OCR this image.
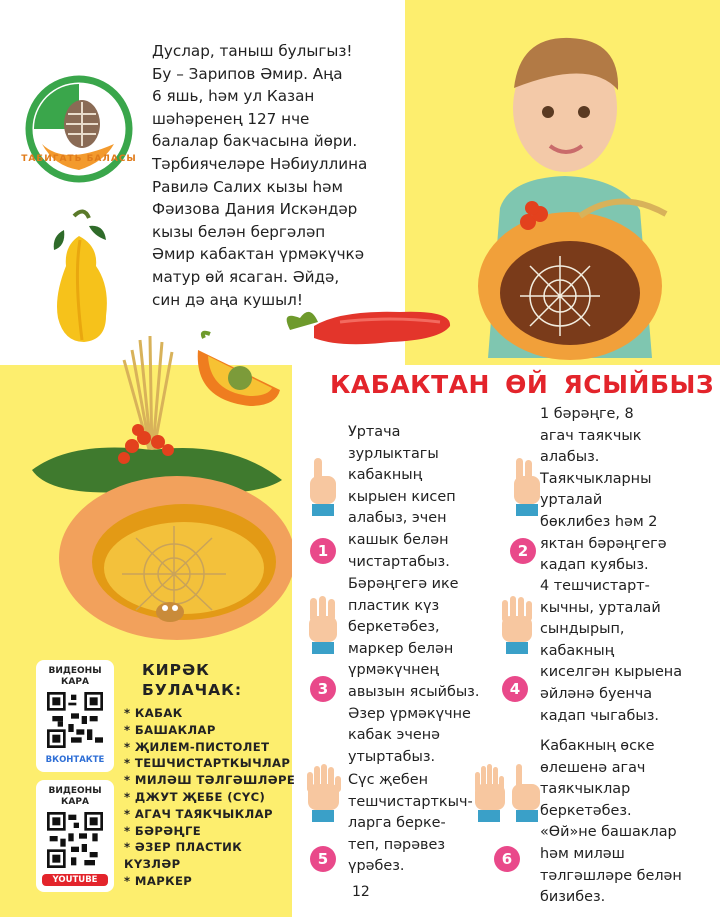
ТАБИГАТЬ БАЛАСЫ

Дуслар, таныш булыгыз!

Бу – Зарипов Әмир. Аңа

6 яшь, һәм ул Казан

шәһәренең 127 нче

балалар бакчасына йөри.

Тәрбиячеләре Нәбиуллина

Равилә Салих кызы һәм

Фәизова Дания Искәндәр

кызы белән бергәләп

Әмир кабактан үрмәкүчкә

матур өй ясаган. Әйдә,

син дә аңа кушыл!

КАБАКТАН ӨЙ ЯСЫЙБЫЗ
1	2
3	4
5	6

Уртача

зурлыктагы

кабакның

кырыен кисеп

алабыз, эчен

кашык белән

чистартабыз.

1 бәрәңге, 8

агач таякчык

алабыз.

Таякчыкларны

урталай

бөклибез һәм 2

яктан бәрәңгегә

кадап куябыз.

Бәрәңгегә ике

пластик күз

беркетәбез,

маркер белән

үрмәкүчнең

авызын ясыйбыз.

Әзер үрмәкүчне

кабак эченә

утыртабыз.

4 тешчистарт-

кычны, урталай

сындырып,

кабакның

киселгән кырыена

әйләнә буенча

кадап чыгабыз.

Сүс җебен

тешчистарткыч-

ларга берке-

теп, пәрәвез

үрәбез.

Кабакның өске

өлешенә агач

таякчыклар

беркетәбез.

«Өй»не башаклар

һәм миләш

тәлгәшләре белән

бизибез.

КИРӘК
БУЛАЧАК:
* КАБАК
* БАШАКЛАР
* ҖИЛЕМ-ПИСТОЛЕТ
* ТЕШЧИСТАРТКЫЧЛАР
* МИЛӘШ ТӘЛГӘШЛӘРЕ
* ДЖУТ ҖЕБЕ (СҮС)
* АГАЧ ТАЯКЧЫКЛАР
* БӘРӘҢГЕ
* ӘЗЕР ПЛАСТИК КҮЗЛӘР
* МАРКЕР
ВИДЕОНЫ
КАРА
ВКОНТАКТЕ
ВИДЕОНЫ
КАРА
YOUTUBE
12
